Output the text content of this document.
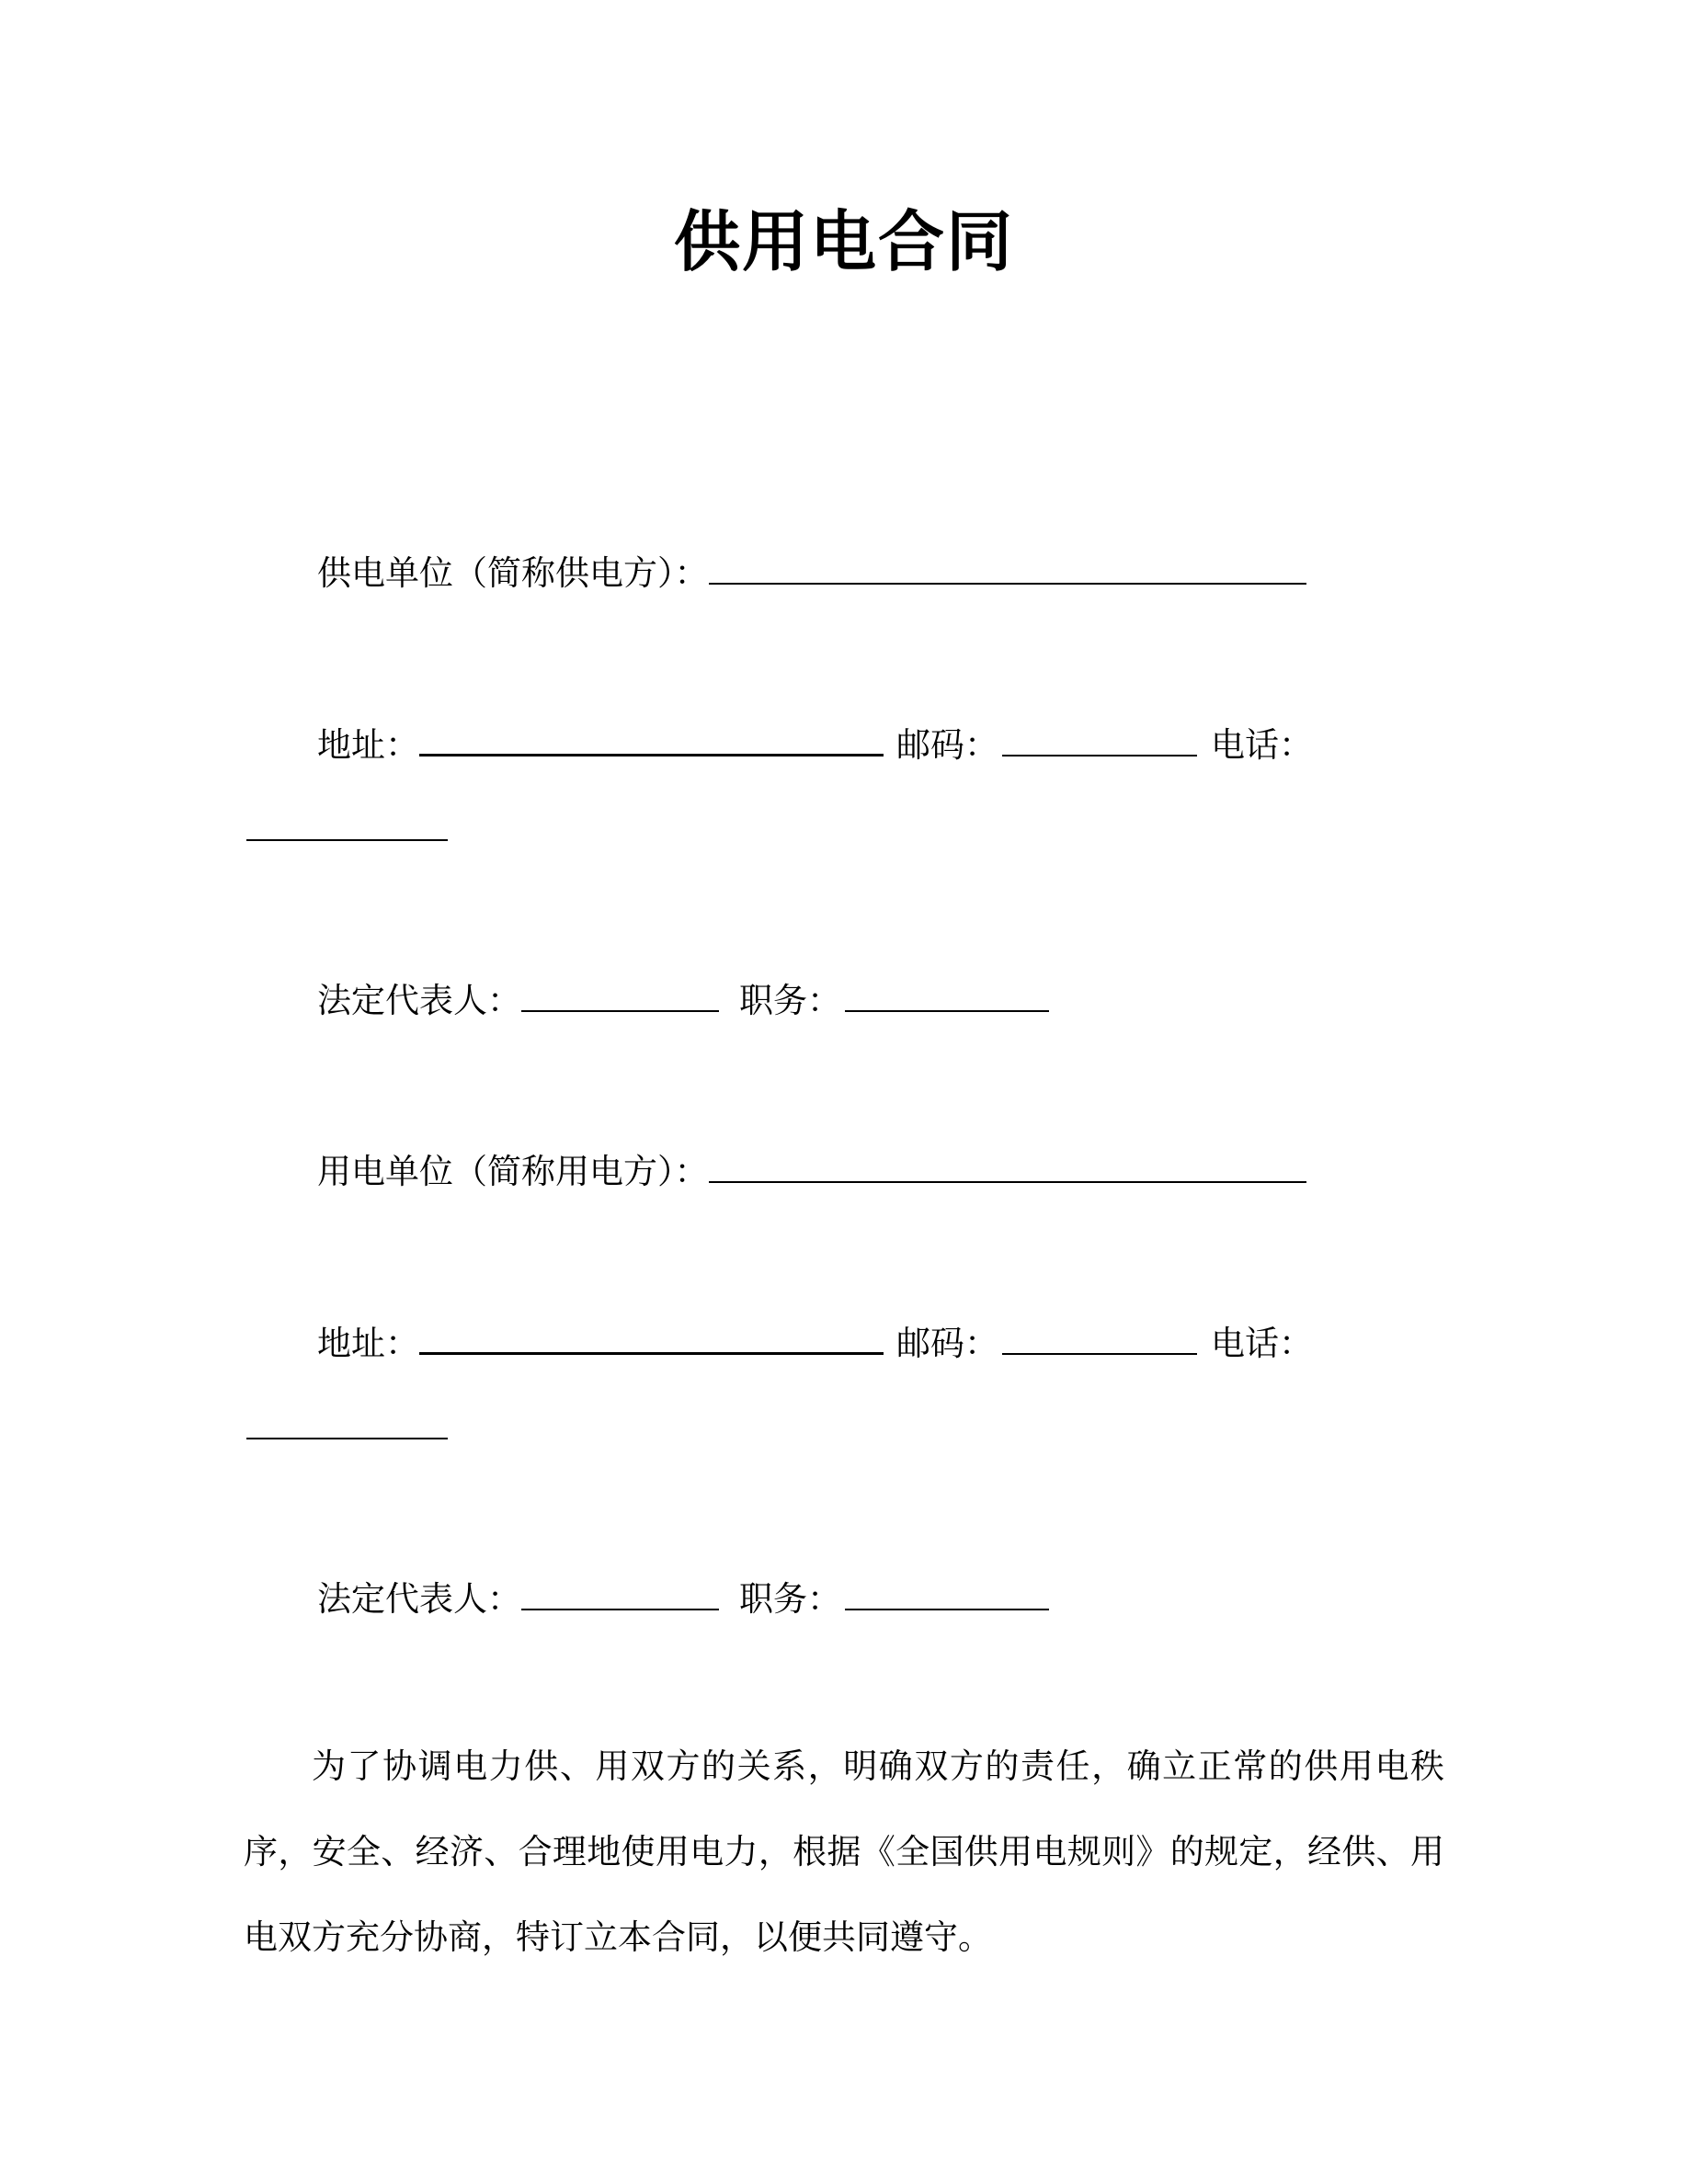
供用电合同
供电单位（简称供电方）：
地址：	邮码：	电话：
法定代表人：	职务：
用电单位（简称用电方）：
地址：	邮码：	电话：
法定代表人：	职务：
为了协调电力供、用双方的关系，明确双方的责任，确立正常的供用电秩序，安全、经济、合理地使用电力，根据《全国供用电规则》的规定，经供、用电双方充分协商，特订立本合同，以便共同遵守。
